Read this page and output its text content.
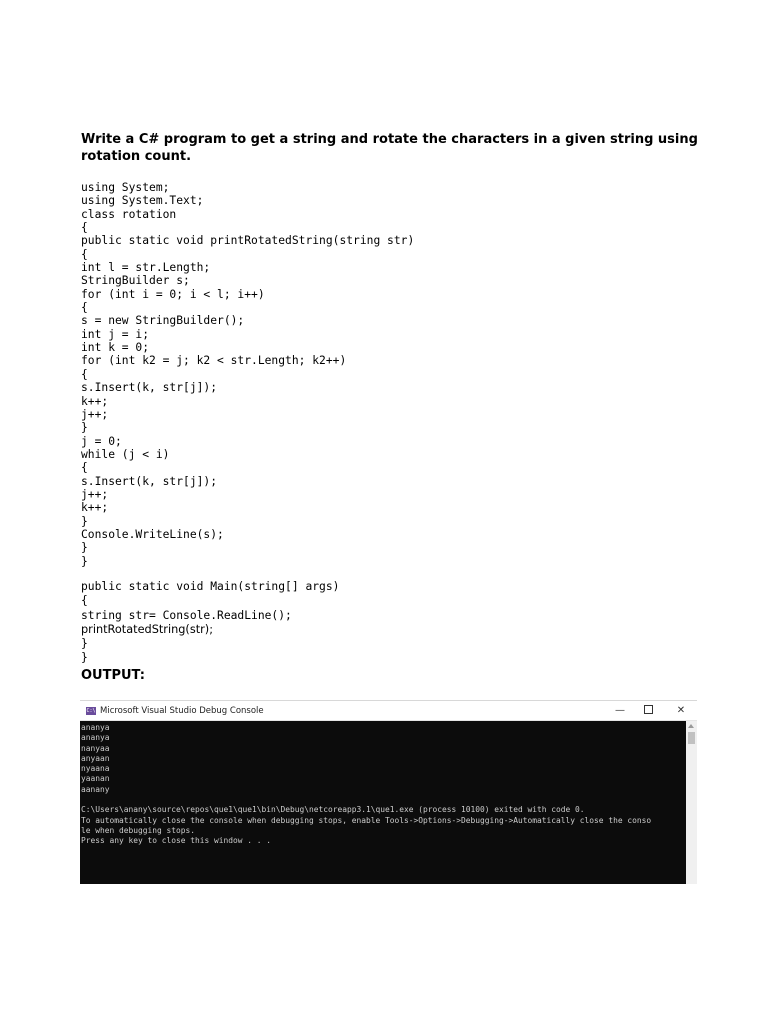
Write a C# program to get a string and rotate the characters in a given string using rotation count.

using System;
using System.Text;
class rotation
{
public static void printRotatedString(string str)
{
int l = str.Length;
StringBuilder s;
for (int i = 0; i < l; i++)
{
s = new StringBuilder();
int j = i;
int k = 0;
for (int k2 = j; k2 < str.Length; k2++)
{
s.Insert(k, str[j]);
k++;
j++;
}
j = 0;
while (j < i)
{
s.Insert(k, str[j]);
j++;
k++;
}
Console.WriteLine(s);
}
}
public static void Main(string[] args)
{
string str= Console.ReadLine();
printRotatedString(str);
}
}
OUTPUT:
C:\ Microsoft Visual Studio Debug Console	—	✕
ananya
ananya
nanyaa
anyaan
nyaana
yaanan
aanany
C:\Users\anany\source\repos\que1\que1\bin\Debug\netcoreapp3.1\que1.exe (process 10100) exited with code 0.
To automatically close the console when debugging stops, enable Tools->Options->Debugging->Automatically close the conso
le when debugging stops.
Press any key to close this window . . .
